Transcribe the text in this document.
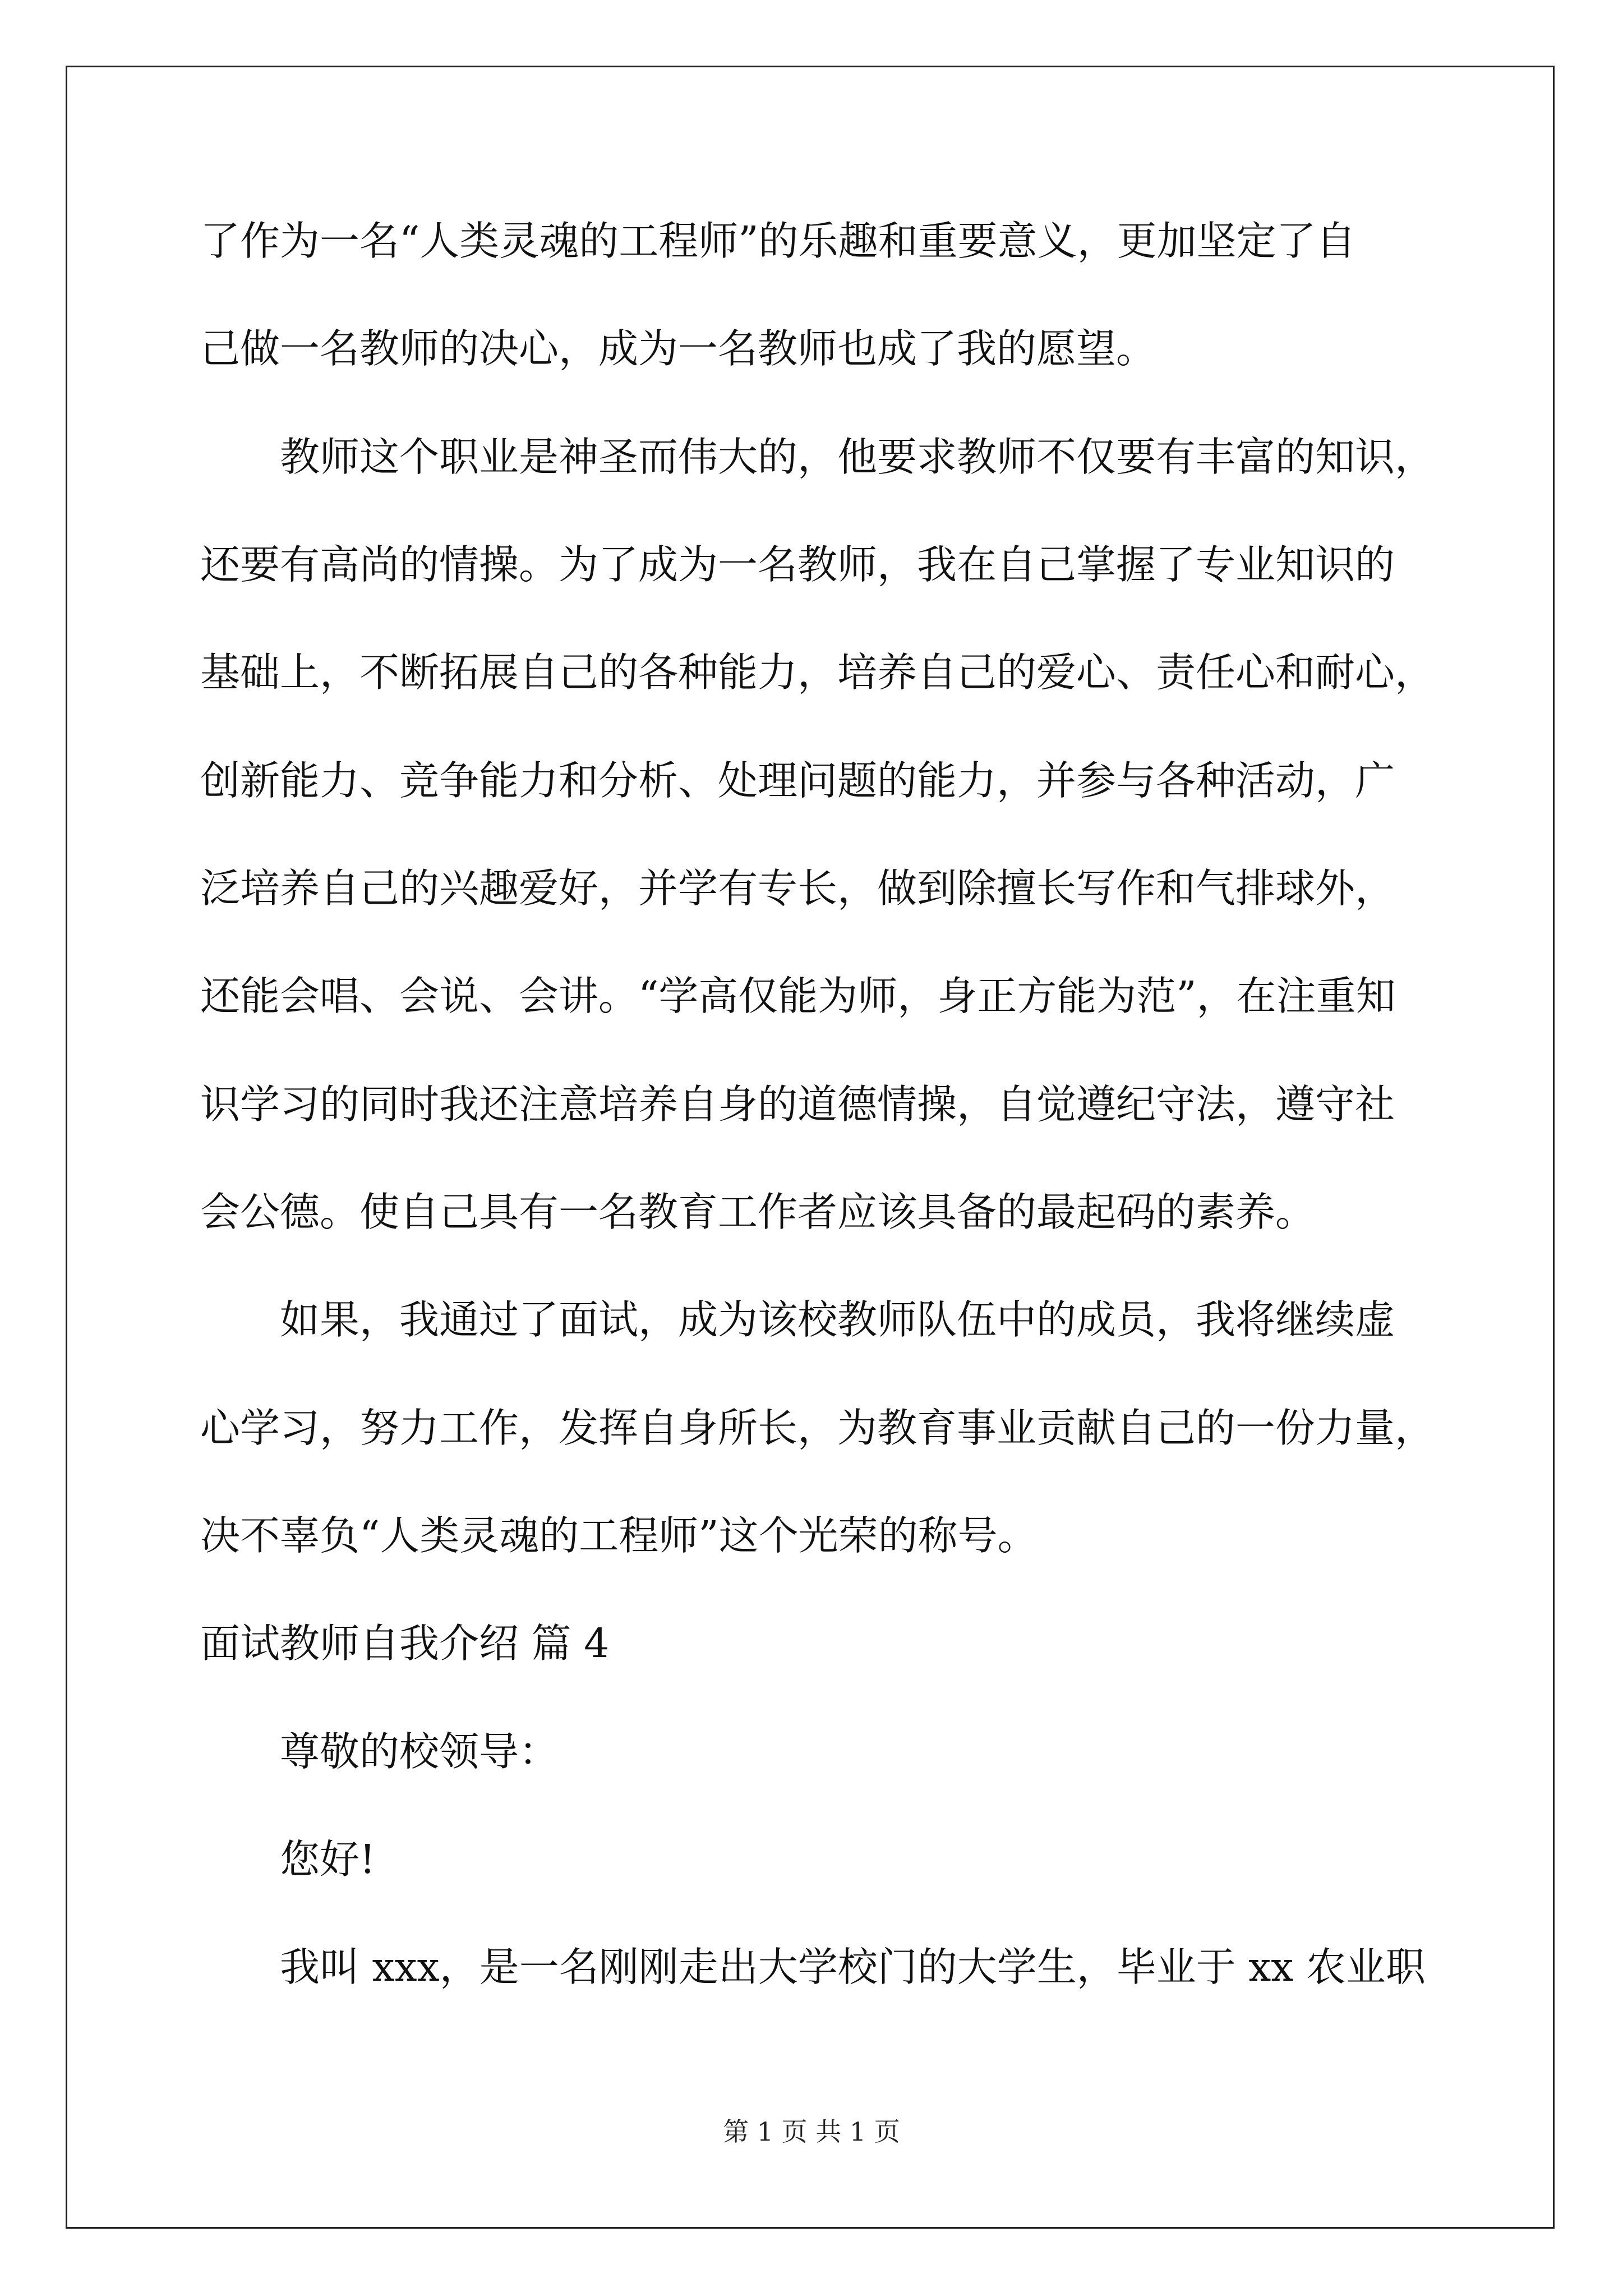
了作为一名“人类灵魂的工程师”的乐趣和重要意义，更加坚定了自
己做一名教师的决心，成为一名教师也成了我的愿望。
教师这个职业是神圣而伟大的，他要求教师不仅要有丰富的知识，
还要有高尚的情操。为了成为一名教师，我在自己掌握了专业知识的
基础上，不断拓展自己的各种能力，培养自己的爱心、责任心和耐心，
创新能力、竞争能力和分析、处理问题的能力，并参与各种活动，广
泛培养自己的兴趣爱好，并学有专长，做到除擅长写作和气排球外，
还能会唱、会说、会讲。“学高仅能为师，身正方能为范”，在注重知
识学习的同时我还注意培养自身的道德情操，自觉遵纪守法，遵守社
会公德。使自己具有一名教育工作者应该具备的最起码的素养。
如果，我通过了面试，成为该校教师队伍中的成员，我将继续虚
心学习，努力工作，发挥自身所长，为教育事业贡献自己的一份力量，
决不辜负“人类灵魂的工程师”这个光荣的称号。
面试教师自我介绍 篇 4
尊敬的校领导：
您好!
我叫 xxx，是一名刚刚走出大学校门的大学生，毕业于 xx 农业职
第 1 页 共 1 页
